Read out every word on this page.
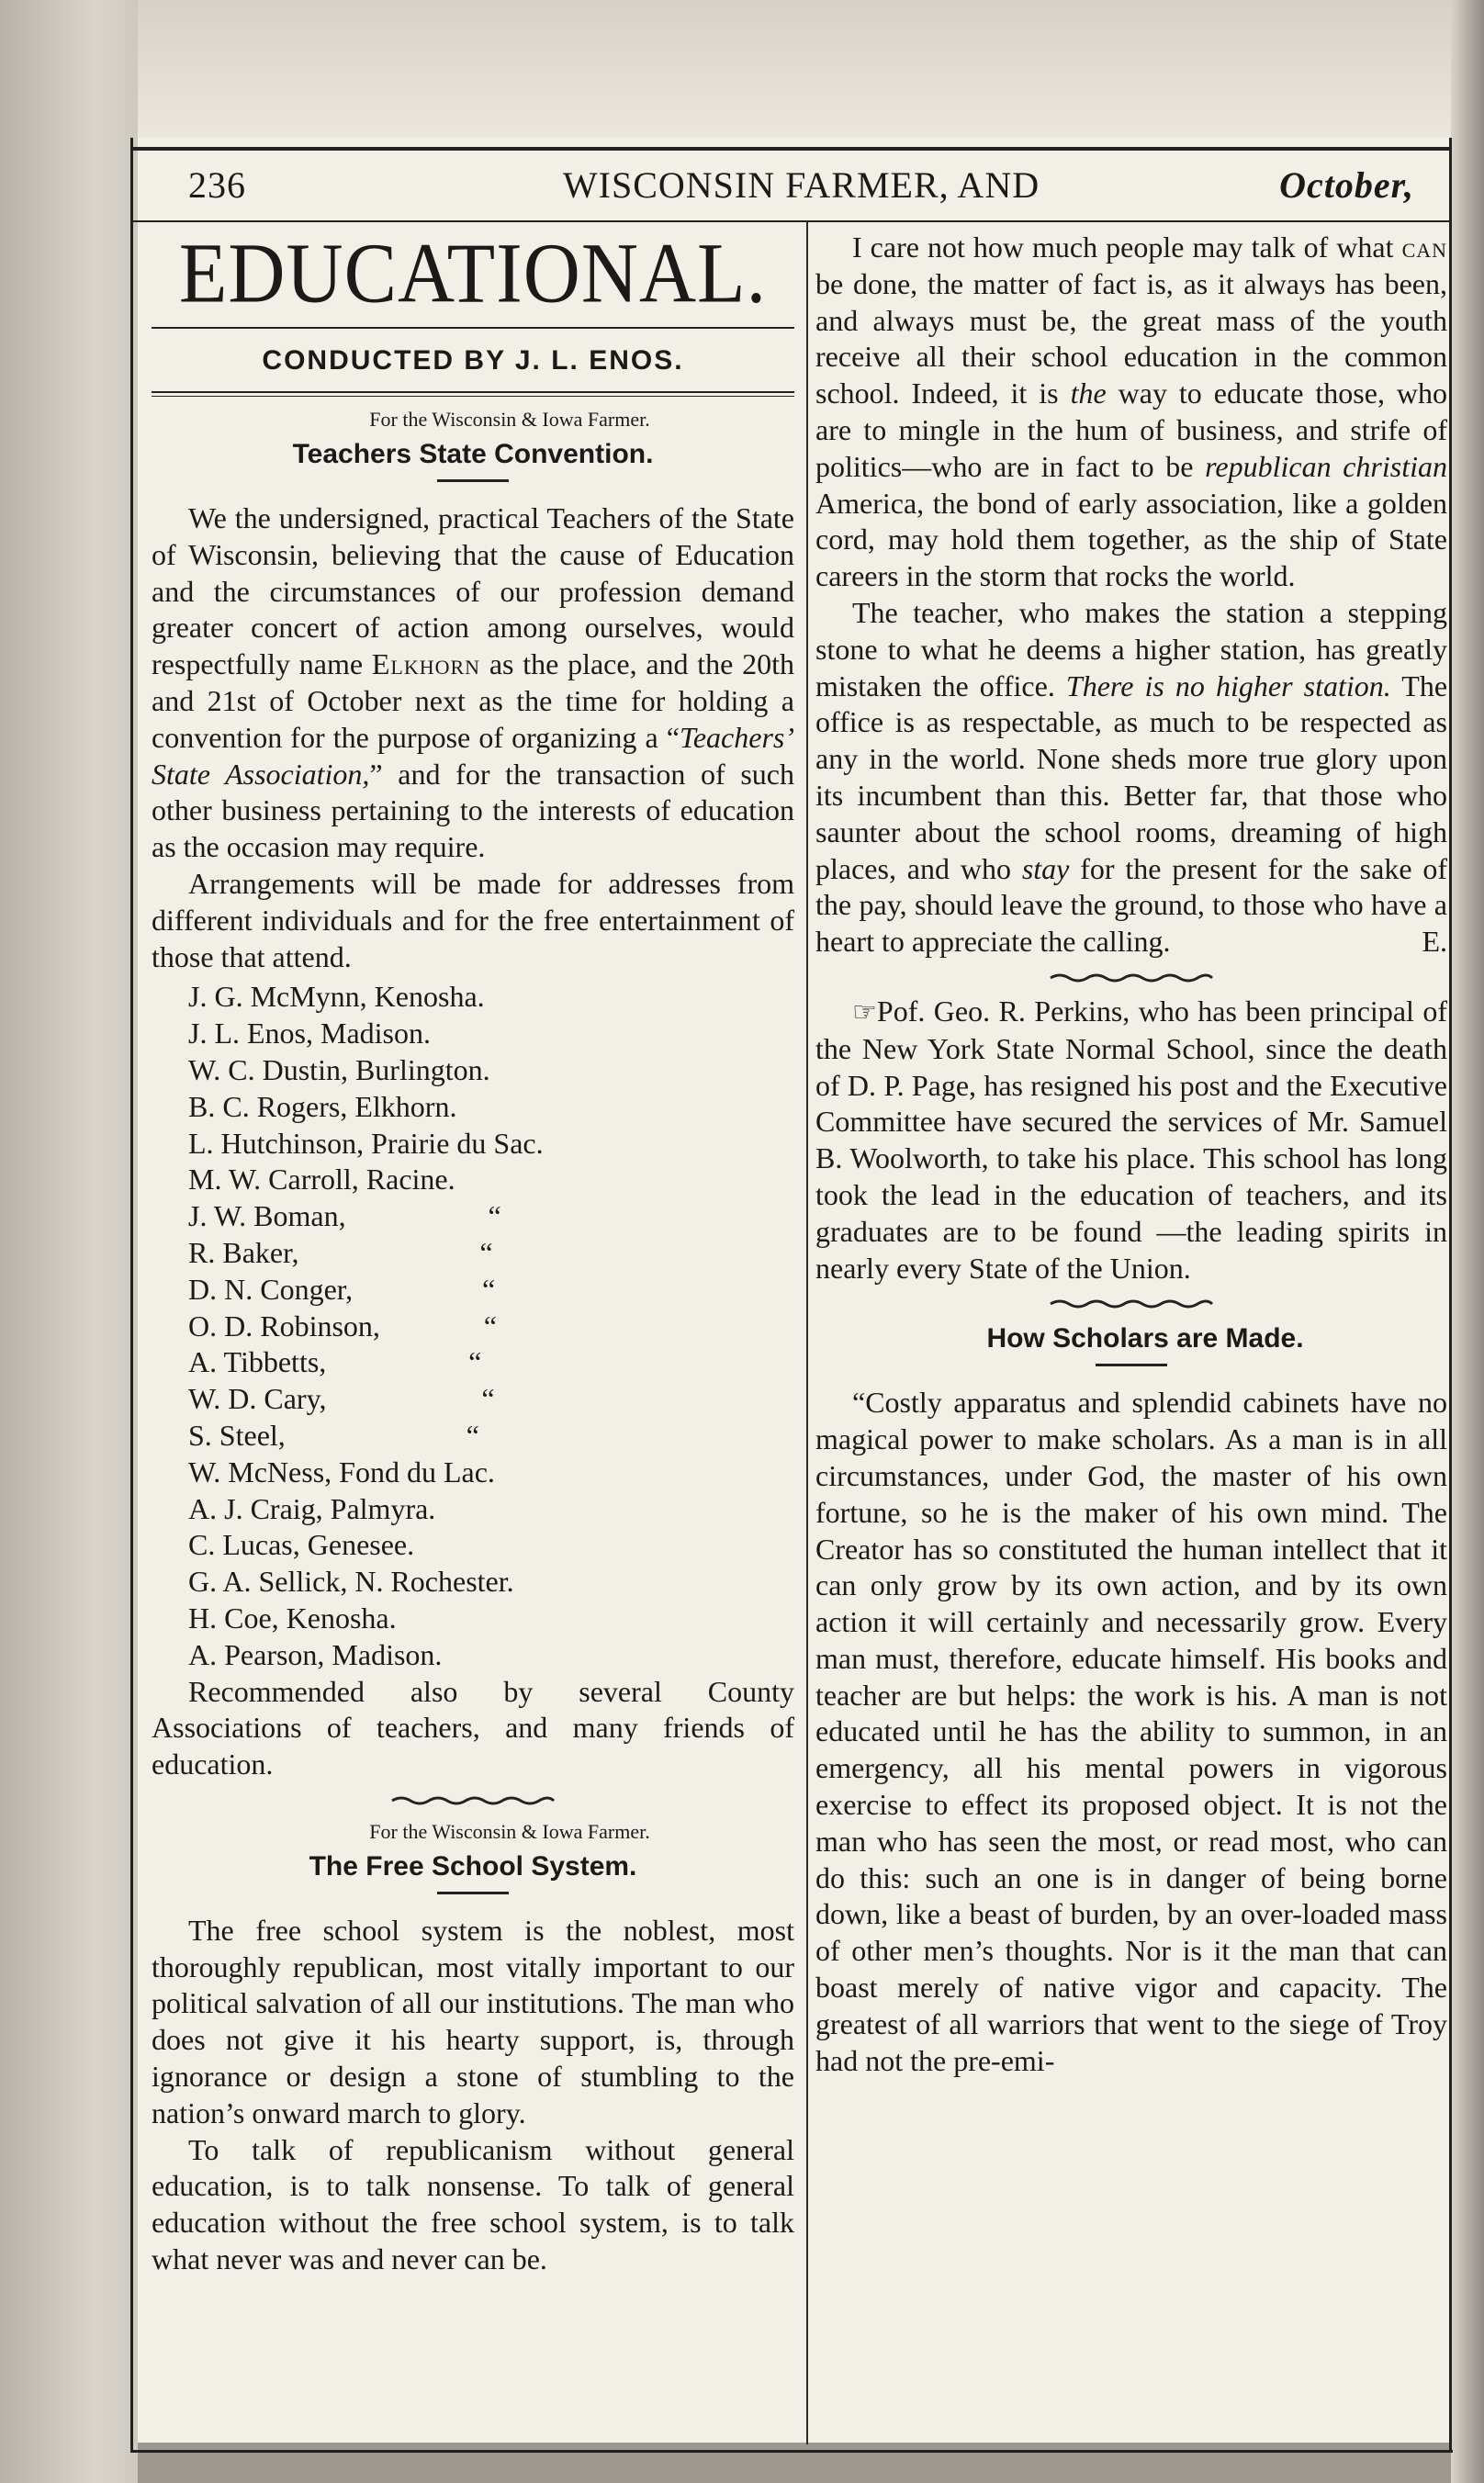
236	WISCONSIN FARMER, AND	October,
EDUCATIONAL.
CONDUCTED BY J. L. ENOS.
For the Wisconsin & Iowa Farmer.
Teachers State Convention.

We the undersigned, practical Teachers of the State of Wisconsin, believing that the cause of Education and the circumstances of our profession demand greater concert of action among ourselves, would respectfully name Elkhorn as the place, and the 20th and 21st of October next as the time for holding a convention for the purpose of organizing a “Teachers’ State Association,” and for the transaction of such other business pertaining to the interests of education as the occasion may require.

Arrangements will be made for addresses from different individuals and for the free entertainment of those that attend.

J. G. McMynn, Kenosha.
J. L. Enos, Madison.
W. C. Dustin, Burlington.
B. C. Rogers, Elkhorn.
L. Hutchinson, Prairie du Sac.
M. W. Carroll, Racine.
J. W. Boman,	“
R. Baker,	“
D. N. Conger,	“
O. D. Robinson,	“
A. Tibbetts,	“
W. D. Cary,	“
S. Steel,	“
W. McNess, Fond du Lac.
A. J. Craig, Palmyra.
C. Lucas, Genesee.
G. A. Sellick, N. Rochester.
H. Coe, Kenosha.
A. Pearson, Madison.

Recommended also by several County Associations of teachers, and many friends of education.

For the Wisconsin & Iowa Farmer.
The Free School System.

The free school system is the noblest, most thoroughly republican, most vitally important to our political salvation of all our institutions. The man who does not give it his hearty support, is, through ignorance or design a stone of stumbling to the nation’s onward march to glory.

To talk of republicanism without general education, is to talk nonsense. To talk of general education without the free school system, is to talk what never was and never can be.

I care not how much people may talk of what can be done, the matter of fact is, as it always has been, and always must be, the great mass of the youth receive all their school education in the common school. Indeed, it is the way to educate those, who are to mingle in the hum of business, and strife of politics—who are in fact to be republican christian America, the bond of early association, like a golden cord, may hold them together, as the ship of State careers in the storm that rocks the world.

The teacher, who makes the station a stepping stone to what he deems a higher station, has greatly mistaken the office. There is no higher station. The office is as respectable, as much to be respected as any in the world. None sheds more true glory upon its incumbent than this. Better far, that those who saunter about the school rooms, dreaming of high places, and who stay for the present for the sake of the pay, should leave the ground, to those who have a heart to appreciate the calling.	E.

☞Pof. Geo. R. Perkins, who has been principal of the New York State Normal School, since the death of D. P. Page, has resigned his post and the Executive Committee have secured the services of Mr. Samuel B. Woolworth, to take his place. This school has long took the lead in the education of teachers, and its graduates are to be found —the leading spirits in nearly every State of the Union.

How Scholars are Made.

“Costly apparatus and splendid cabinets have no magical power to make scholars. As a man is in all circumstances, under God, the master of his own fortune, so he is the maker of his own mind. The Creator has so constituted the human intellect that it can only grow by its own action, and by its own action it will certainly and necessarily grow. Every man must, therefore, educate himself. His books and teacher are but helps: the work is his. A man is not educated until he has the ability to summon, in an emergency, all his mental powers in vigorous exercise to effect its proposed object. It is not the man who has seen the most, or read most, who can do this: such an one is in danger of being borne down, like a beast of burden, by an over-loaded mass of other men’s thoughts. Nor is it the man that can boast merely of native vigor and capacity. The greatest of all warriors that went to the siege of Troy had not the pre-emi-
